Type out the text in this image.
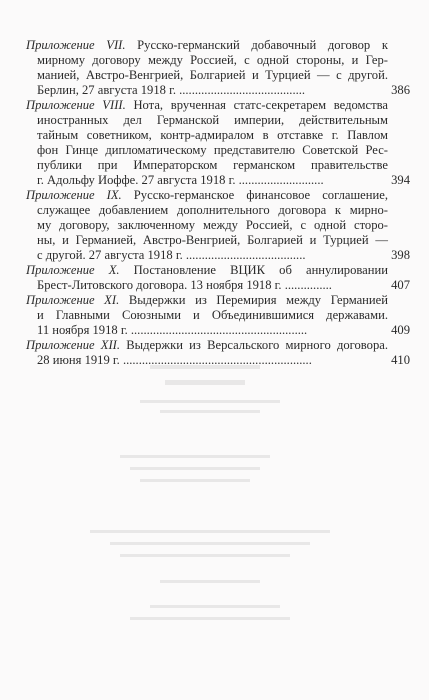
Приложение VII. Русско-германский добавочный договор к
мирному договору между Россией, с одной стороны, и Гер-
манией, Австро-Венгрией, Болгарией и Турцией — с другой.
Берлин, 27 августа 1918 г. ........................................	386
Приложение VIII. Нота, врученная статс-секретарем ведомства
иностранных дел Германской империи, действительным
тайным советником, контр-адмиралом в отставке г. Павлом
фон Гинце дипломатическому представителю Советской Рес-
публики при Императорском германском правительстве
г. Адольфу Иоффе. 27 августа 1918 г. ...........................	394
Приложение IX. Русско-германское финансовое соглашение,
служащее добавлением дополнительного договора к мирно-
му договору, заключенному между Россией, с одной сторо-
ны, и Германией, Австро-Венгрией, Болгарией и Турцией —
с другой. 27 августа 1918 г. ......................................	398
Приложение X. Постановление ВЦИК об аннулировании
Брест-Литовского договора. 13 ноября 1918 г. ...............	407
Приложение XI. Выдержки из Перемирия между Германией
и Главными Союзными и Объединившимися державами.
11 ноября 1918 г. ........................................................	409
Приложение XII. Выдержки из Версальского мирного договора.
28 июня 1919 г. ............................................................	410
